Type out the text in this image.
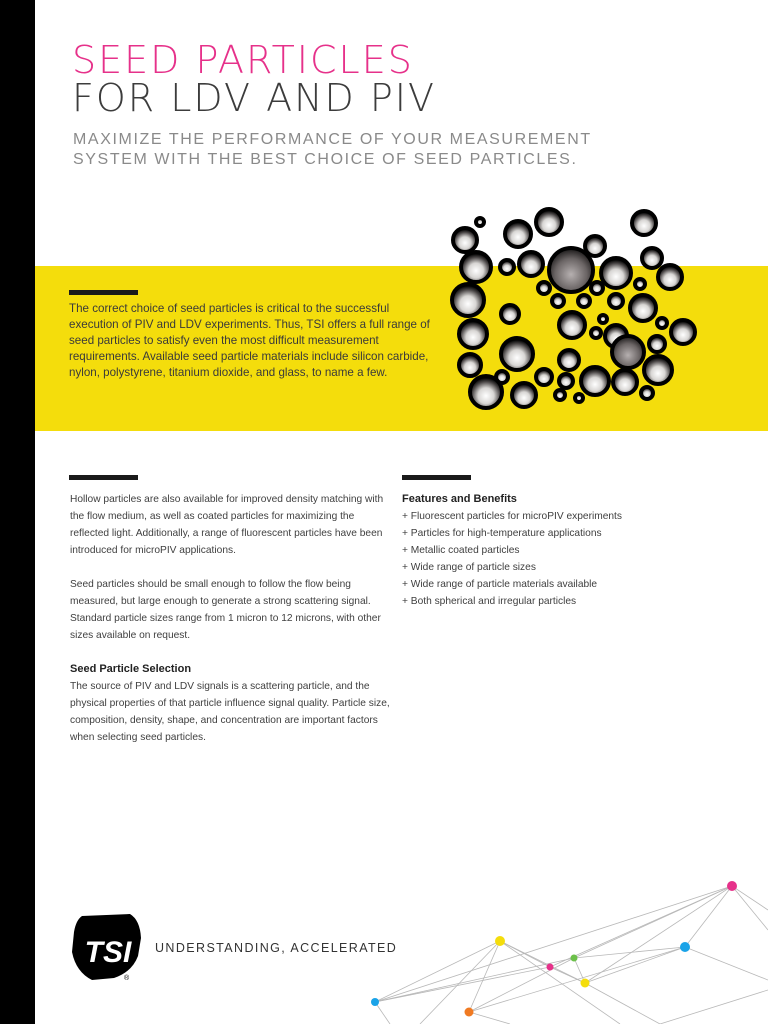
SEED PARTICLES
FOR LDV AND PIV
MAXIMIZE THE PERFORMANCE OF YOUR MEASUREMENT SYSTEM WITH THE BEST CHOICE OF SEED PARTICLES.
The correct choice of seed particles is critical to the successful execution of PIV and LDV experiments. Thus, TSI offers a full range of seed particles to satisfy even the most difficult measurement requirements. Available seed particle materials include silicon carbide, nylon, polystyrene, titanium dioxide, and glass, to name a few.

Hollow particles are also available for improved density matching with the flow medium, as well as coated particles for maximizing the reflected light. Additionally, a range of fluorescent particles have been introduced for microPIV applications.

Seed particles should be small enough to follow the flow being measured, but large enough to generate a strong scattering signal. Standard particle sizes range from 1 micron to 12 microns, with other sizes available on request.

Seed Particle Selection

The source of PIV and LDV signals is a scattering particle, and the physical properties of that particle influence signal quality. Particle size, composition, density, shape, and concentration are important factors when selecting seed particles.

Features and Benefits
+ Fluorescent particles for microPIV experiments
+ Particles for high-temperature applications
+ Metallic coated particles
+ Wide range of particle sizes
+ Wide range of particle materials available
+ Both spherical and irregular particles
TSI
®
UNDERSTANDING, ACCELERATED
